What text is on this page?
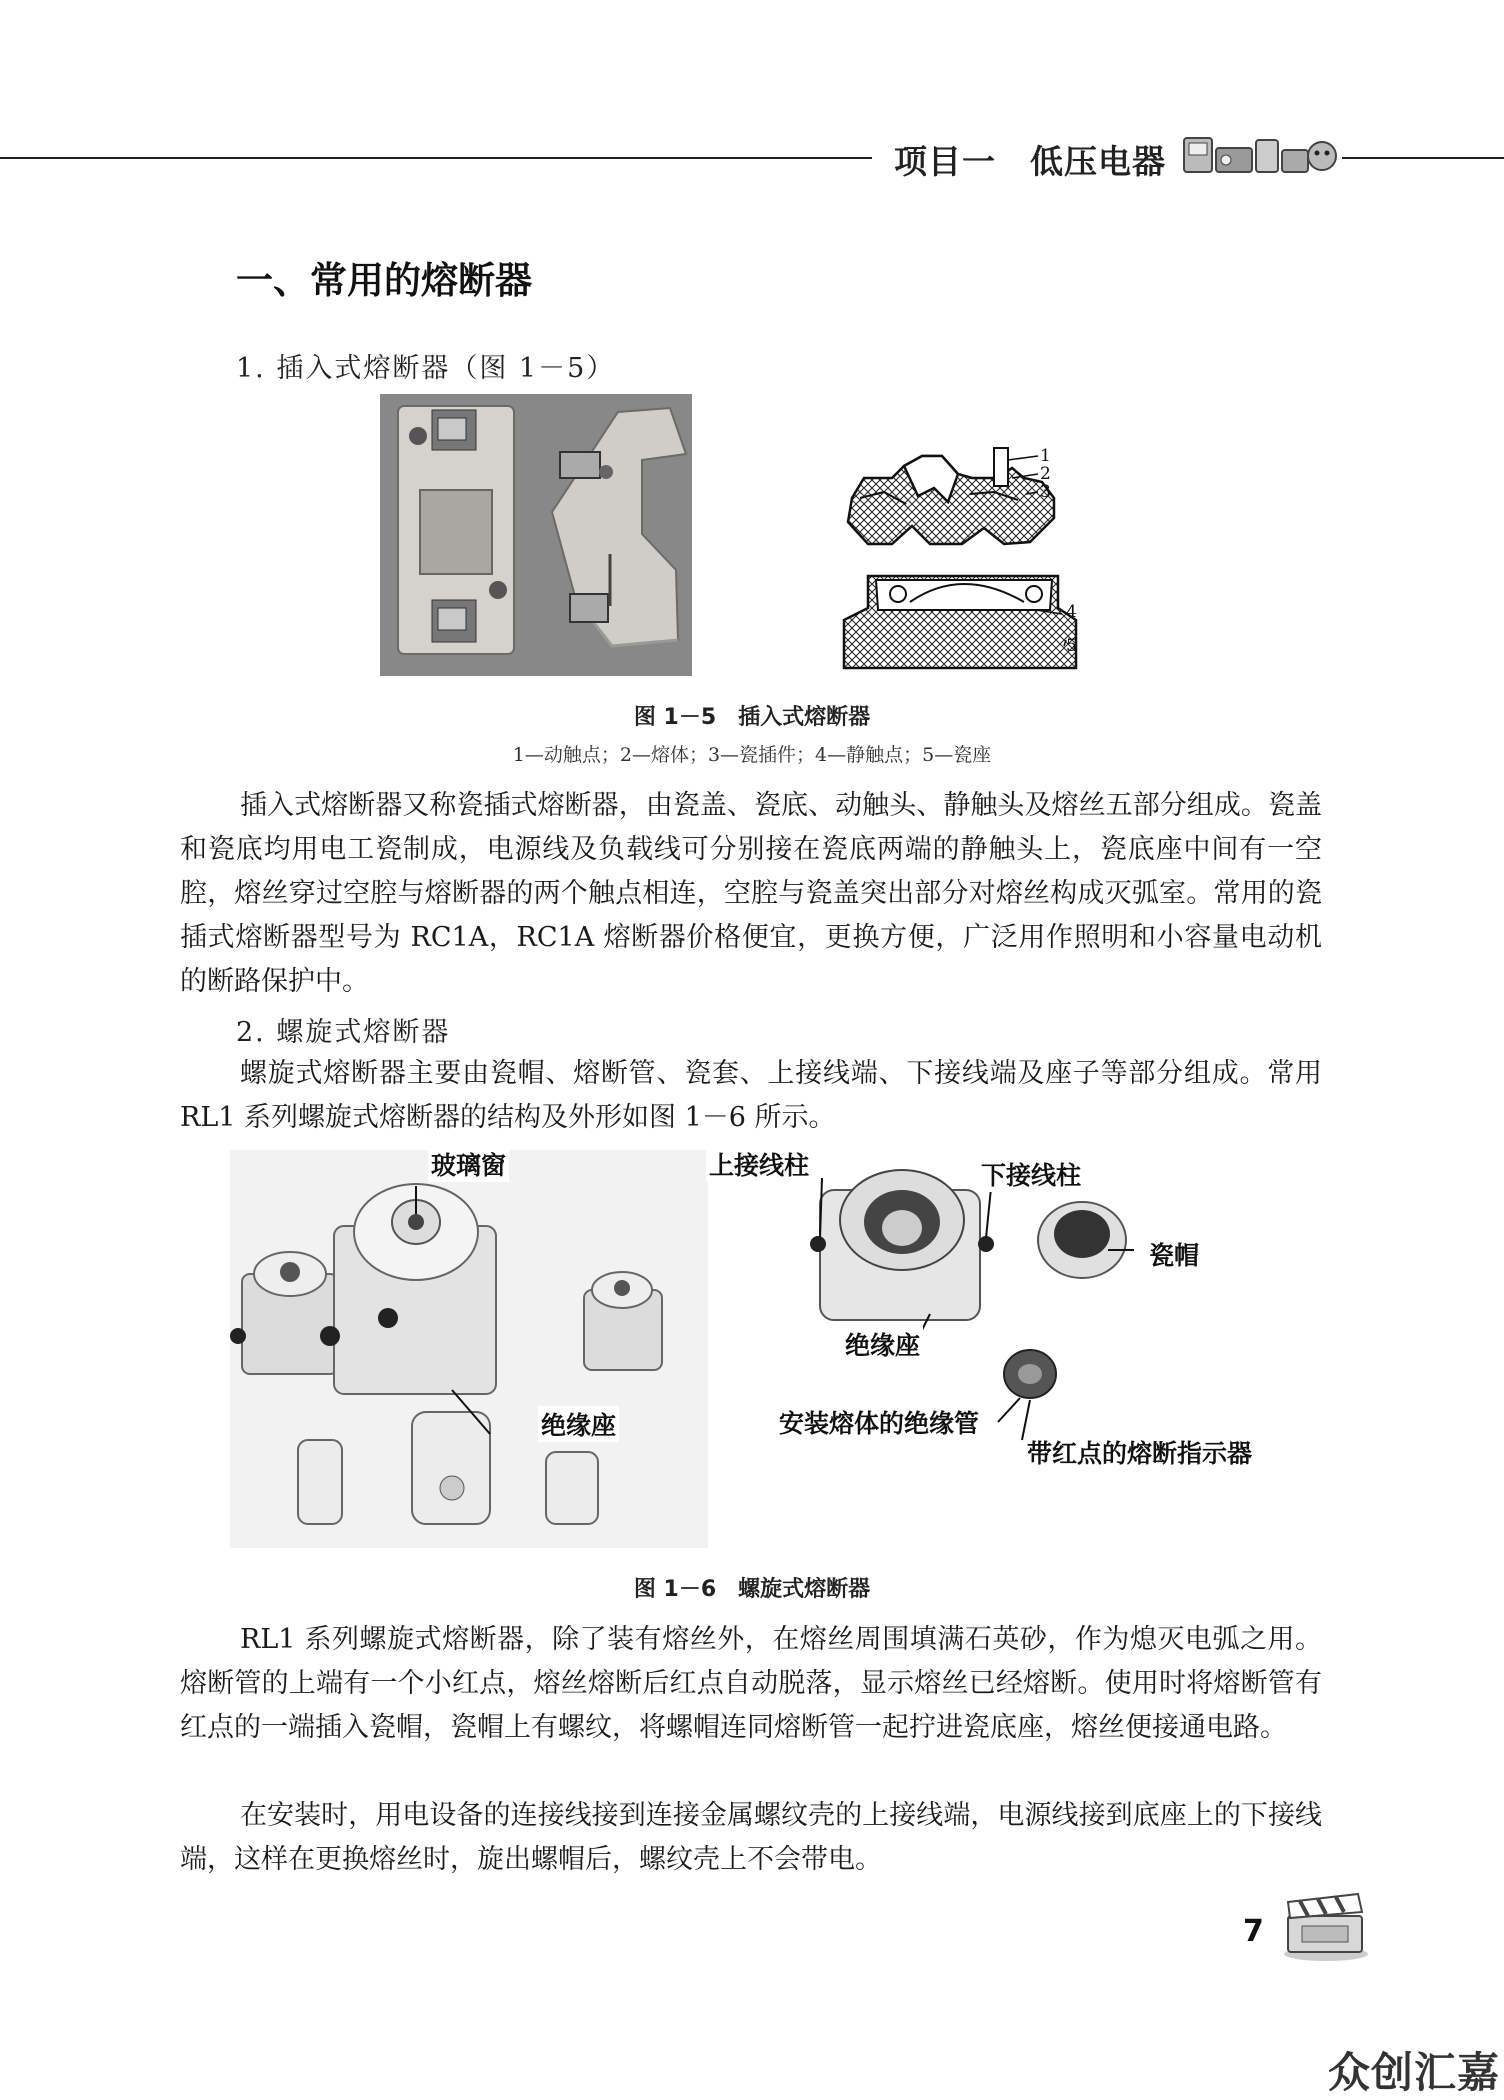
项目一 低压电器
一、常用的熔断器
1. 插入式熔断器（图 1－5）
1
2
3
4
5
图 1－5　插入式熔断器
1—动触点；2—熔体；3—瓷插件；4—静触点；5—瓷座

插入式熔断器又称瓷插式熔断器，由瓷盖、瓷底、动触头、静触头及熔丝五部分组成。瓷盖和瓷底均用电工瓷制成，电源线及负载线可分别接在瓷底两端的静触头上，瓷底座中间有一空腔，熔丝穿过空腔与熔断器的两个触点相连，空腔与瓷盖突出部分对熔丝构成灭弧室。常用的瓷插式熔断器型号为 RC1A，RC1A 熔断器价格便宜，更换方便，广泛用作照明和小容量电动机的断路保护中。

2. 螺旋式熔断器

螺旋式熔断器主要由瓷帽、熔断管、瓷套、上接线端、下接线端及座子等部分组成。常用 RL1 系列螺旋式熔断器的结构及外形如图 1－6 所示。

玻璃窗
绝缘座
上接线柱	下接线柱
瓷帽
绝缘座
安装熔体的绝缘管
带红点的熔断指示器
图 1－6　螺旋式熔断器

RL1 系列螺旋式熔断器，除了装有熔丝外，在熔丝周围填满石英砂，作为熄灭电弧之用。熔断管的上端有一个小红点，熔丝熔断后红点自动脱落，显示熔丝已经熔断。使用时将熔断管有红点的一端插入瓷帽，瓷帽上有螺纹，将螺帽连同熔断管一起拧进瓷底座，熔丝便接通电路。

在安装时，用电设备的连接线接到连接金属螺纹壳的上接线端，电源线接到底座上的下接线端，这样在更换熔丝时，旋出螺帽后，螺纹壳上不会带电。

7
众创汇嘉
